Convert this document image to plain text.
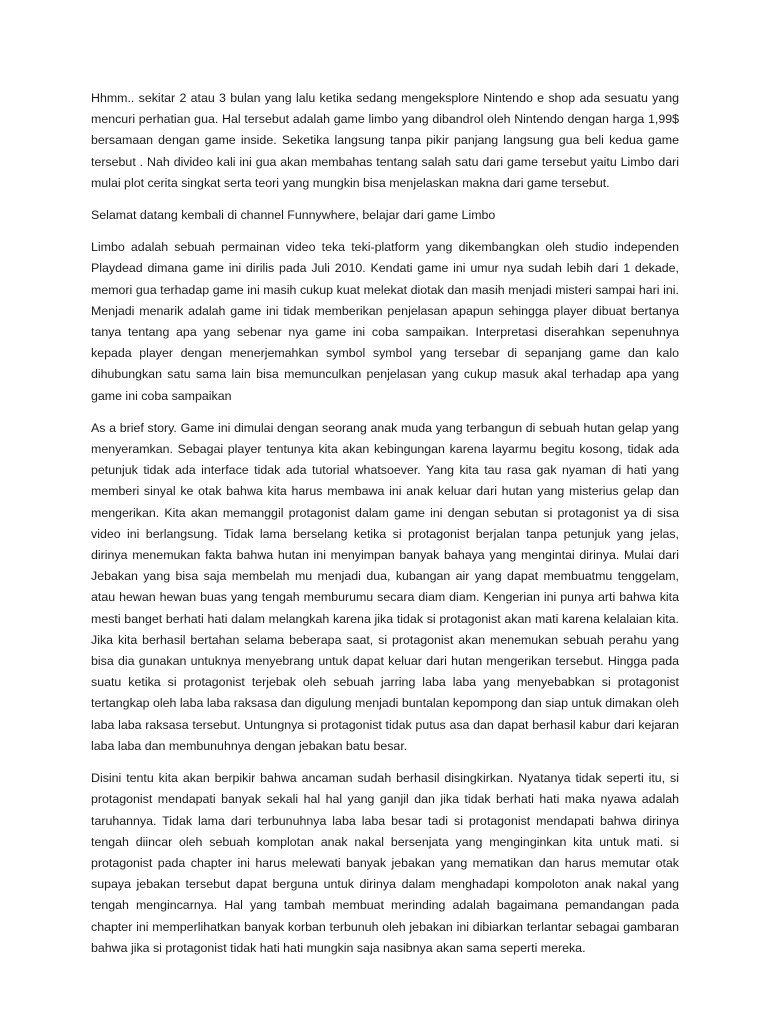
Hhmm.. sekitar 2 atau 3 bulan yang lalu ketika sedang mengeksplore Nintendo e shop ada sesuatu yang mencuri perhatian gua. Hal tersebut adalah game limbo yang dibandrol oleh Nintendo dengan harga 1,99$ bersamaan dengan game inside. Seketika langsung tanpa pikir panjang langsung gua beli kedua game tersebut . Nah divideo kali ini gua akan membahas tentang salah satu dari game tersebut yaitu Limbo dari mulai plot cerita singkat serta teori yang mungkin bisa menjelaskan makna dari game tersebut.

Selamat datang kembali di channel Funnywhere, belajar dari game Limbo

Limbo adalah sebuah permainan video teka teki-platform yang dikembangkan oleh studio independen Playdead dimana game ini dirilis pada Juli 2010. Kendati game ini umur nya sudah lebih dari 1 dekade, memori gua terhadap game ini masih cukup kuat melekat diotak dan masih menjadi misteri sampai hari ini. Menjadi menarik adalah game ini tidak memberikan penjelasan apapun sehingga player dibuat bertanya tanya tentang apa yang sebenar nya game ini coba sampaikan. Interpretasi diserahkan sepenuhnya kepada player dengan menerjemahkan symbol symbol yang tersebar di sepanjang game dan kalo dihubungkan satu sama lain bisa memunculkan penjelasan yang cukup masuk akal terhadap apa yang game ini coba sampaikan

As a brief story. Game ini dimulai dengan seorang anak muda yang terbangun di sebuah hutan gelap yang menyeramkan. Sebagai player tentunya kita akan kebingungan karena layarmu begitu kosong, tidak ada petunjuk tidak ada interface tidak ada tutorial whatsoever. Yang kita tau rasa gak nyaman di hati yang memberi sinyal ke otak bahwa kita harus membawa ini anak keluar dari hutan yang misterius gelap dan mengerikan. Kita akan memanggil protagonist dalam game ini dengan sebutan si protagonist ya di sisa video ini berlangsung. Tidak lama berselang ketika si protagonist berjalan tanpa petunjuk yang jelas, dirinya menemukan fakta bahwa hutan ini menyimpan banyak bahaya yang mengintai dirinya. Mulai dari Jebakan yang bisa saja membelah mu menjadi dua, kubangan air yang dapat membuatmu tenggelam, atau hewan hewan buas yang tengah memburumu secara diam diam. Kengerian ini punya arti bahwa kita mesti banget berhati hati dalam melangkah karena jika tidak si protagonist akan mati karena kelalaian kita. Jika kita berhasil bertahan selama beberapa saat, si protagonist akan menemukan sebuah perahu yang bisa dia gunakan untuknya menyebrang untuk dapat keluar dari hutan mengerikan tersebut. Hingga pada suatu ketika si protagonist terjebak oleh sebuah jarring laba laba yang menyebabkan si protagonist tertangkap oleh laba laba raksasa dan digulung menjadi buntalan kepompong dan siap untuk dimakan oleh laba laba raksasa tersebut. Untungnya si protagonist tidak putus asa dan dapat berhasil kabur dari kejaran laba laba dan membunuhnya dengan jebakan batu besar.

Disini tentu kita akan berpikir bahwa ancaman sudah berhasil disingkirkan. Nyatanya tidak seperti itu, si protagonist mendapati banyak sekali hal hal yang ganjil dan jika tidak berhati hati maka nyawa adalah taruhannya. Tidak lama dari terbunuhnya laba laba besar tadi si protagonist mendapati bahwa dirinya tengah diincar oleh sebuah komplotan anak nakal bersenjata yang menginginkan kita untuk mati. si protagonist pada chapter ini harus melewati banyak jebakan yang mematikan dan harus memutar otak supaya jebakan tersebut dapat berguna untuk dirinya dalam menghadapi kompoloton anak nakal yang tengah mengincarnya. Hal yang tambah membuat merinding adalah bagaimana pemandangan pada chapter ini memperlihatkan banyak korban terbunuh oleh jebakan ini dibiarkan terlantar sebagai gambaran bahwa jika si protagonist tidak hati hati mungkin saja nasibnya akan sama seperti mereka.
